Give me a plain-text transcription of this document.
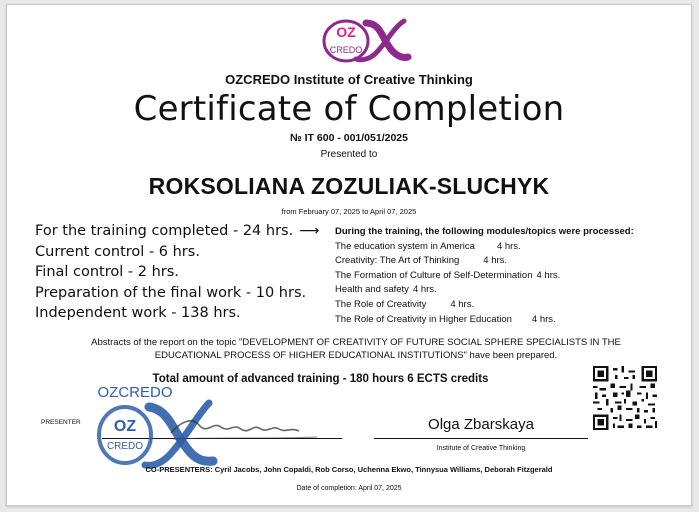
OZ
CREDO
OZCREDO Institute of Creative Thinking
Certificate of Completion
№ IT 600 - 001/051/2025
Presented to
ROKSOLIANA ZOZULIAK-SLUCHYK
from February 07, 2025 to April 07, 2025
For the training completed - 24 hrs. ⟶
Current control - 6 hrs.
Final control - 2 hrs.
Preparation of the final work - 10 hrs.
Independent work - 138 hrs.
During the training, the following modules/topics were processed:
The education system in America 4 hrs.
Creativity: The Art of Thinking	4 hrs.
The Formation of Culture of Self-Determination 4 hrs.
Health and safety 4 hrs.
The Role of Creativity	4 hrs.
The Role of Creativity in Higher Education 4 hrs.
Abstracts of the report on the topic "DEVELOPMENT OF CREATIVITY OF FUTURE SOCIAL SPHERE SPECIALISTS IN THE
EDUCATIONAL PROCESS OF HIGHER EDUCATIONAL INSTITUTIONS" have been prepared.
Total amount of advanced training - 180 hours 6 ECTS credits
PRESENTER	Olga Zbarskaya
Institute of Creative Thinking
OZCREDO
OZ
CREDO
CO-PRESENTERS: Cyril Jacobs, John Copaldi, Rob Corso, Uchenna Ekwo, Tinnysua Williams, Deborah Fitzgerald
Date of completion: April 07, 2025
